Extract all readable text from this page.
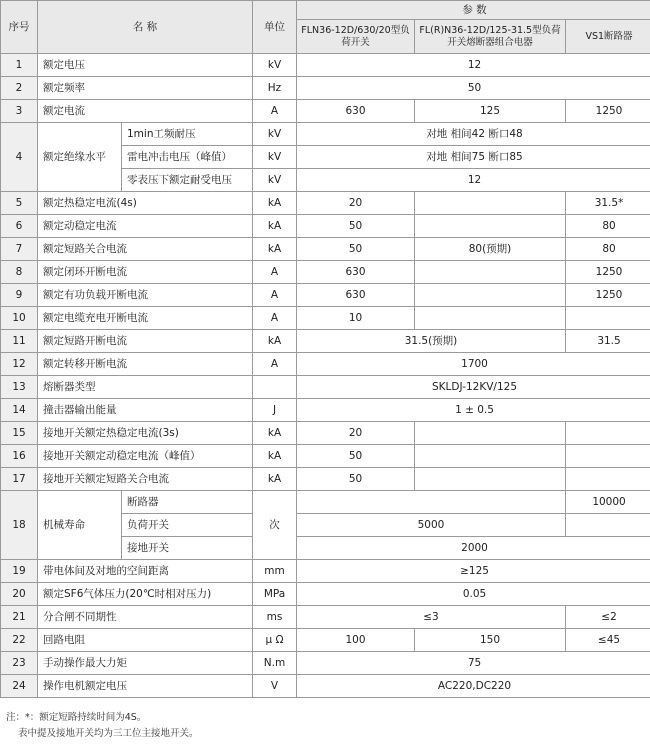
序号	名 称		单位	参 数		

				FLN36-12D/630/20型负荷开关	FL(R)N36-12D/125-31.5型负荷开关熔断器组合电器	VS1断路器

1	额定电压		kV	12		
2	额定频率		Hz	50		
3	额定电流		A	630	125	1250
4	额定绝缘水平	1min工频耐压	kV	对地 相间42 断口48		
		雷电冲击电压（峰值）	kV	对地 相间75 断口85		
		零表压下额定耐受电压	kV	12		
5	额定热稳定电流(4s)		kA	20		31.5*
6	额定动稳定电流		kA	50		80
7	额定短路关合电流		kA	50	80(预期)	80
8	额定闭环开断电流		A	630		1250
9	额定有功负载开断电流		A	630		1250
10	额定电缆充电开断电流		A	10		
11	额定短路开断电流		kA	31.5(预期)		31.5
12	额定转移开断电流		A	1700		
13	熔断器类型			SKLDJ-12KV/125		
14	撞击器输出能量		J	1 ± 0.5		
15	接地开关额定热稳定电流(3s)		kA	20		
16	接地开关额定动稳定电流（峰值）		kA	50		
17	接地开关额定短路关合电流		kA	50		
18	机械寿命	断路器	次			10000
		负荷开关		5000		
		接地开关		2000		
19	带电体间及对地的空间距离		mm	≥125		
20	额定SF6气体压力(20℃时相对压力)		MPa	0.05		
21	分合闸不同期性		ms	≤3		≤2
22	回路电阻		μ Ω	100	150	≤45
23	手动操作最大力矩		N.m	75		
24	操作电机额定电压		V	AC220,DC220		
注：*：额定短路持续时间为4S。
表中提及接地开关均为三工位主接地开关。
